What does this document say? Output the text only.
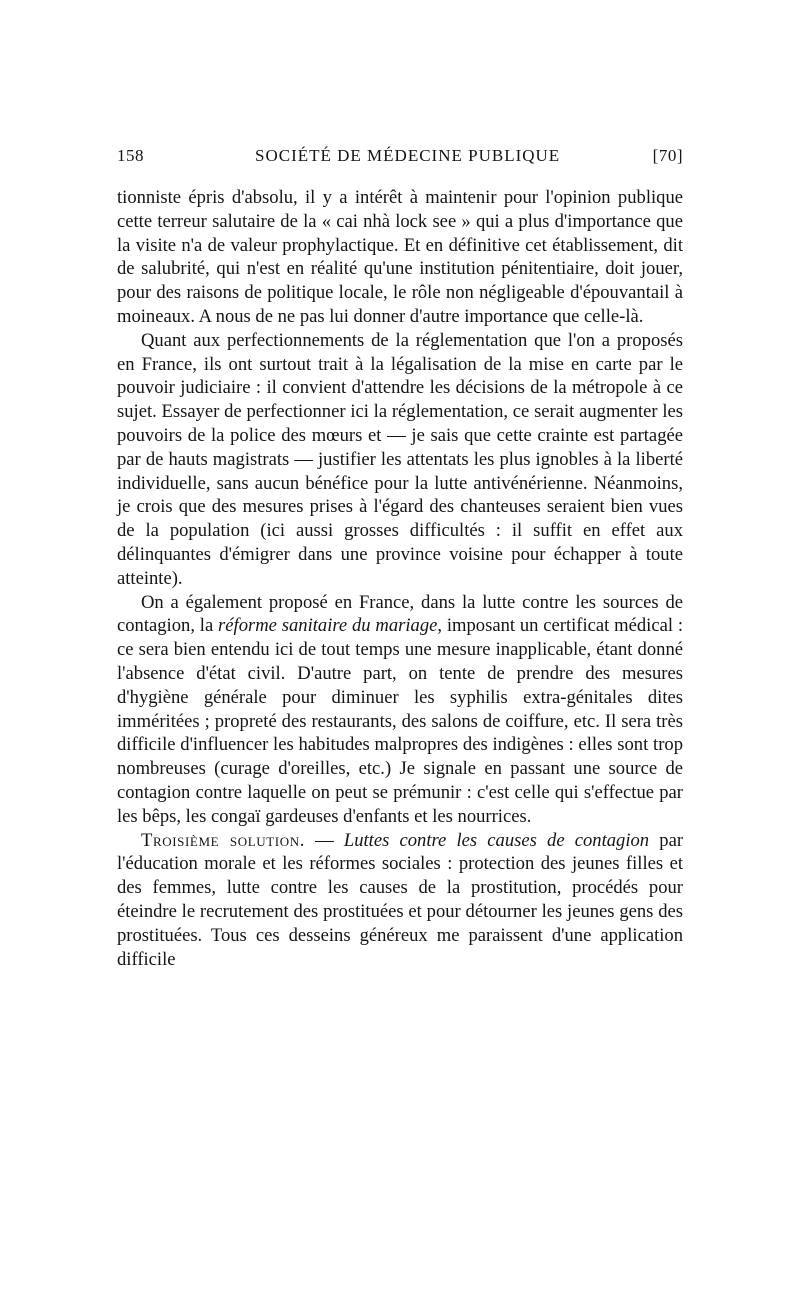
158	SOCIÉTÉ DE MÉDECINE PUBLIQUE	[70]

tionniste épris d'absolu, il y a intérêt à maintenir pour l'opinion publique cette terreur salutaire de la « cai nhà lock see » qui a plus d'importance que la visite n'a de valeur prophylactique. Et en définitive cet établissement, dit de salubrité, qui n'est en réalité qu'une institution pénitentiaire, doit jouer, pour des raisons de politique locale, le rôle non négligeable d'épouvantail à moineaux. A nous de ne pas lui donner d'autre importance que celle-là.

Quant aux perfectionnements de la réglementation que l'on a proposés en France, ils ont surtout trait à la légalisation de la mise en carte par le pouvoir judiciaire : il convient d'attendre les décisions de la métropole à ce sujet. Essayer de perfectionner ici la réglementation, ce serait augmenter les pouvoirs de la police des mœurs et — je sais que cette crainte est partagée par de hauts magistrats — justifier les attentats les plus ignobles à la liberté individuelle, sans aucun bénéfice pour la lutte antivénérienne. Néanmoins, je crois que des mesures prises à l'égard des chanteuses seraient bien vues de la population (ici aussi grosses difficultés : il suffit en effet aux délinquantes d'émigrer dans une province voisine pour échapper à toute atteinte).

On a également proposé en France, dans la lutte contre les sources de contagion, la réforme sanitaire du mariage, imposant un certificat médical : ce sera bien entendu ici de tout temps une mesure inapplicable, étant donné l'absence d'état civil. D'autre part, on tente de prendre des mesures d'hygiène générale pour diminuer les syphilis extra-génitales dites imméritées ; propreté des restaurants, des salons de coiffure, etc. Il sera très difficile d'influencer les habitudes malpropres des indigènes : elles sont trop nombreuses (curage d'oreilles, etc.) Je signale en passant une source de contagion contre laquelle on peut se prémunir : c'est celle qui s'effectue par les bêps, les congaï gardeuses d'enfants et les nourrices.

Troisième solution. — Luttes contre les causes de contagion par l'éducation morale et les réformes sociales : protection des jeunes filles et des femmes, lutte contre les causes de la prostitution, procédés pour éteindre le recrutement des prostituées et pour détourner les jeunes gens des prostituées. Tous ces desseins généreux me paraissent d'une application difficile
